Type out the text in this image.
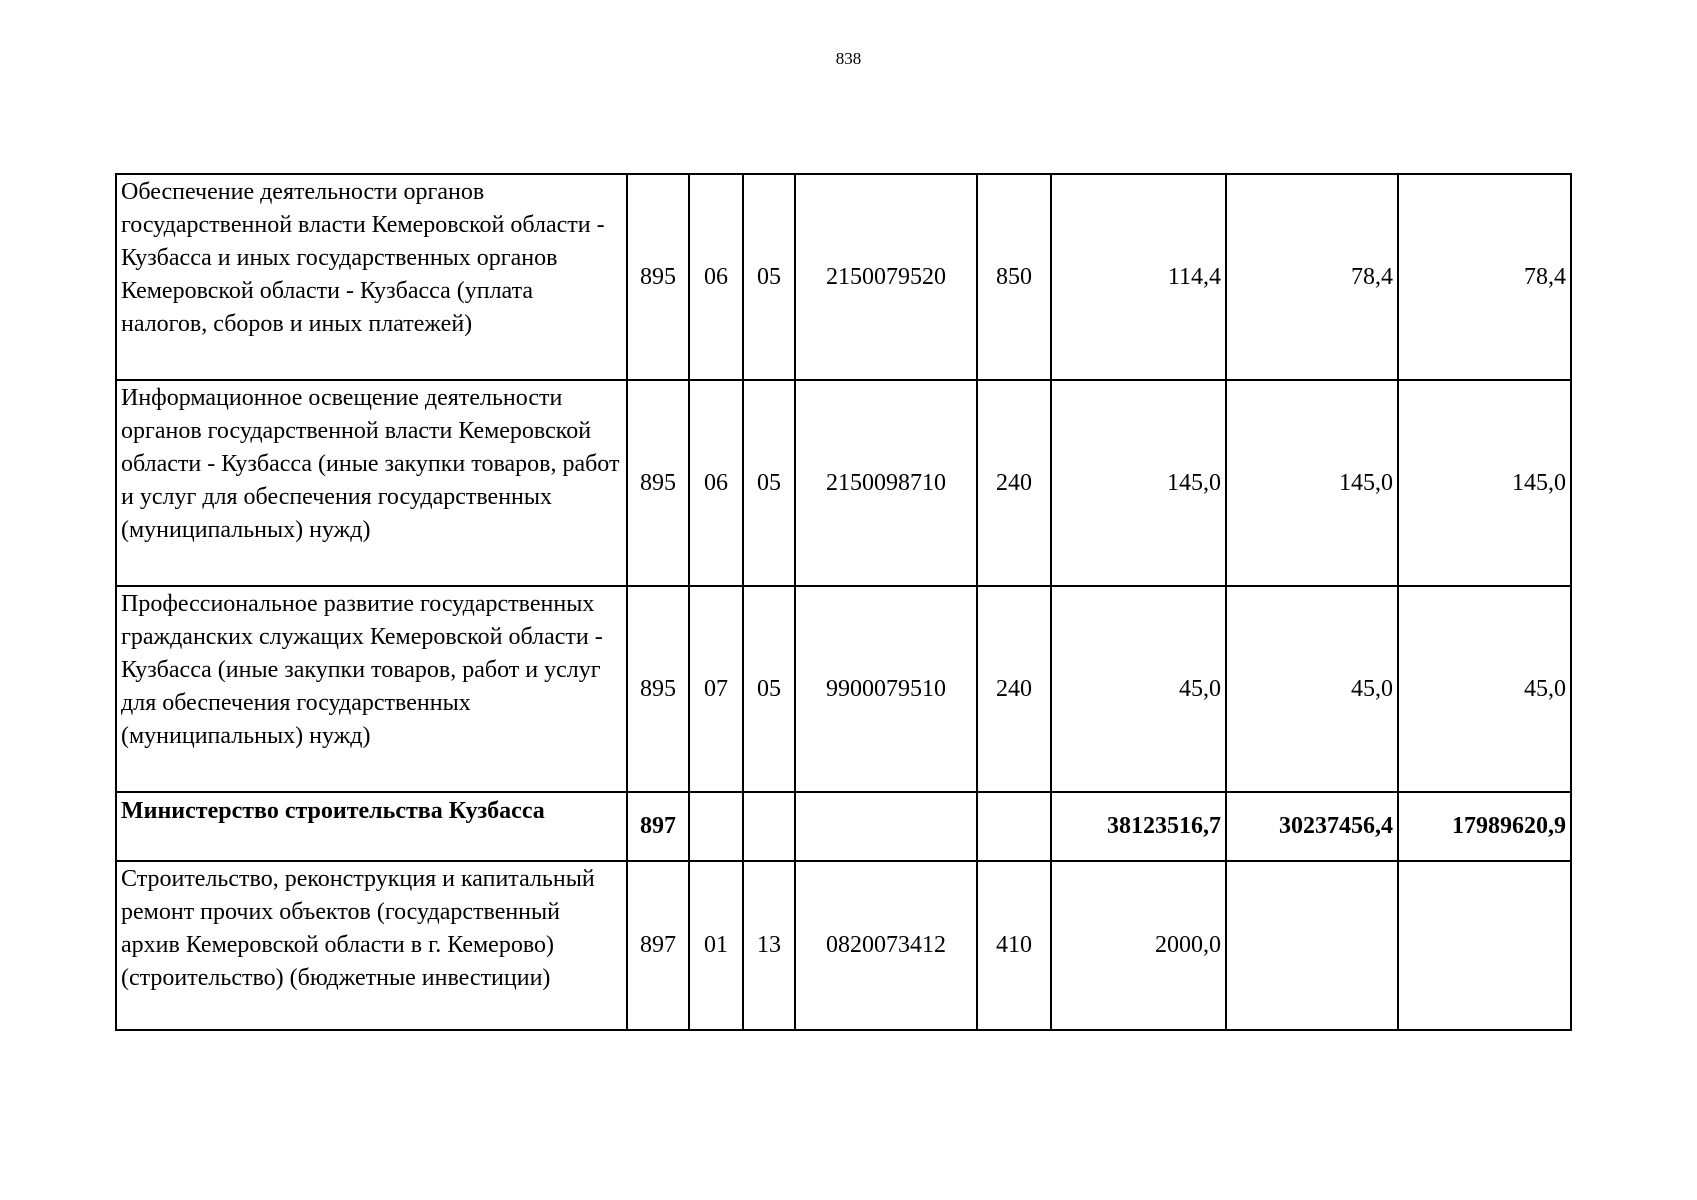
838
Обеспечение деятельности органов государственной власти Кемеровской области - Кузбасса и иных государственных органов Кемеровской области - Кузбасса (уплата налогов, сборов и иных платежей)	895	06	05	2150079520	850	114,4	78,4	78,4
Информационное освещение деятельности органов государственной власти Кемеровской области - Кузбасса (иные закупки товаров, работ и услуг для обеспечения государственных (муниципальных) нужд)	895	06	05	2150098710	240	145,0	145,0	145,0
Профессиональное развитие государственных гражданских служащих Кемеровской области - Кузбасса (иные закупки товаров, работ и услуг для обеспечения государственных (муниципальных) нужд)	895	07	05	9900079510	240	45,0	45,0	45,0
Министерство строительства Кузбасса	897					38123516,7	30237456,4	17989620,9
Строительство, реконструкция и капитальный ремонт прочих объектов (государственный архив Кемеровской области в г. Кемерово) (строительство) (бюджетные инвестиции)	897	01	13	0820073412	410	2000,0		
